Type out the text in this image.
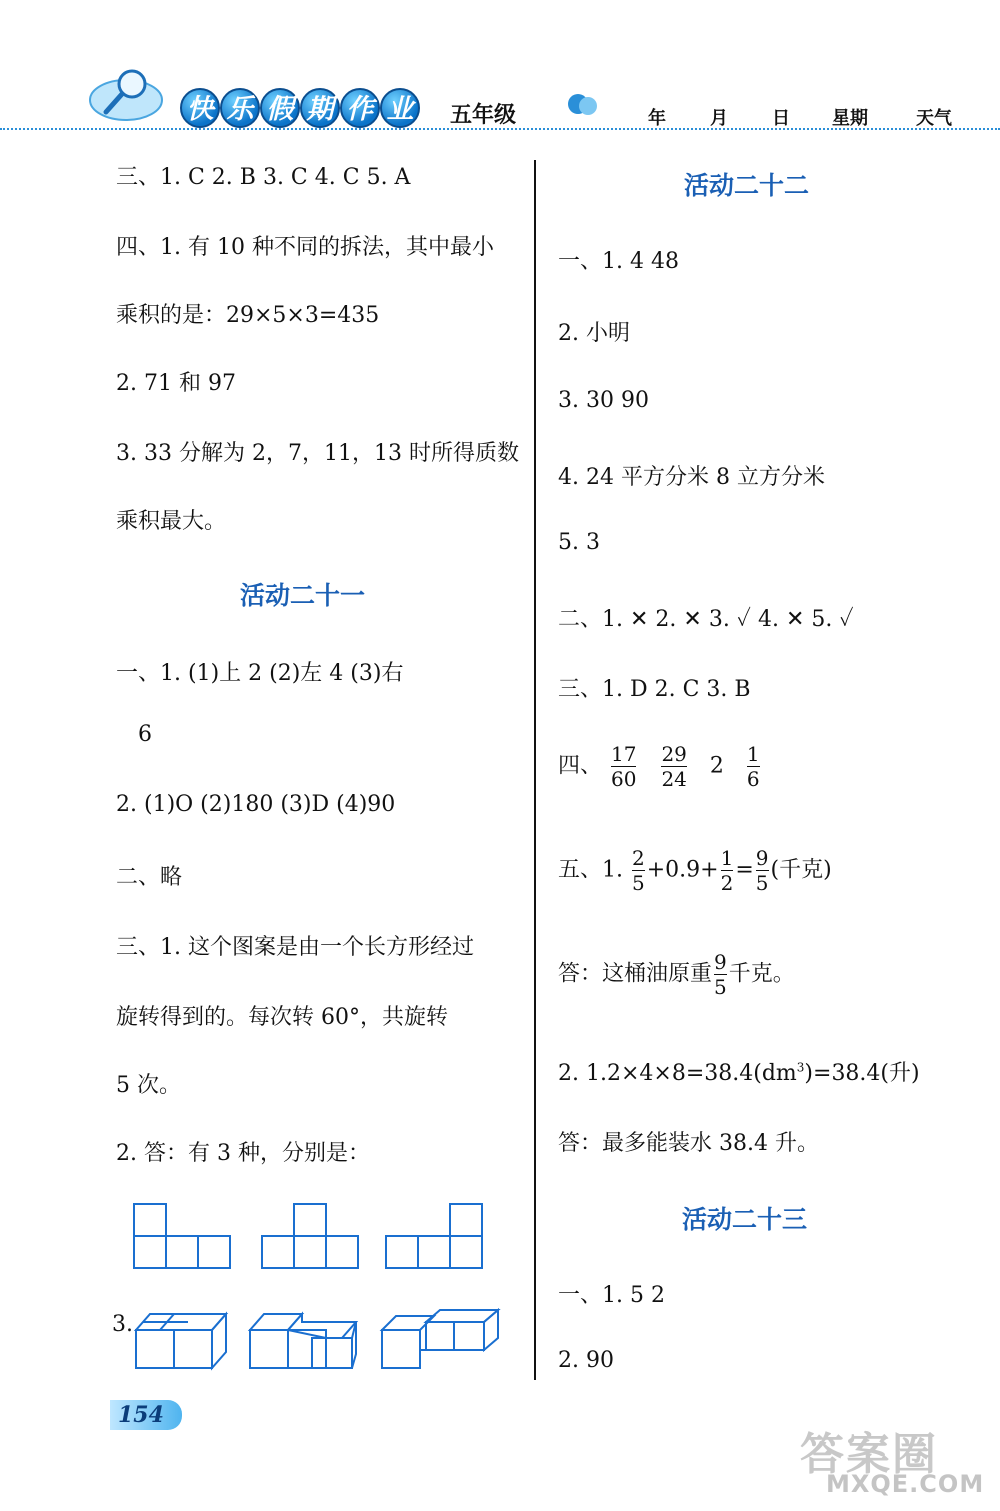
快 乐 假 期 作 业 五年级	年 月 日 星期	天气
三、1. C 2. B 3. C 4. C 5. A
四、1. 有 10 种不同的拆法，其中最小
乘积的是：29×5×3=435
2. 71 和 97
3. 33 分解为 2，7，11，13 时所得质数
乘积最大。
活动二十一
一、1. (1)上 2 (2)左 4 (3)右
6
2. (1)O (2)180 (3)D (4)90
二、略
三、1. 这个图案是由一个长方形经过
旋转得到的。每次转 60°，共旋转
5 次。
2. 答：有 3 种，分别是：
3.
活动二十二
一、1. 4 48
2. 小明
3. 30 90
4. 24 平方分米 8 立方分米
5. 3
二、1. ✕ 2. ✕ 3. ✓ 4. ✕ 5. ✓
三、1. D 2. C 3. B
四、 $\frac{17}{60}$
$\frac{29}{24} 2 \frac{1}{6}$
五、1. $\frac{2}{5} +0.9+ \frac{1}{2} = \frac{9}{5}$ (千克)
答：这桶油原重 $\frac{9}{5}$ 千克。
2. $1.2\times 4\times 8=38.4(dm^3)=38.4$(升)
答：最多能装水 38.4 升。
活动二十三
一、1. 5 2
2. 90
154
答案圈
MXQE.COM
